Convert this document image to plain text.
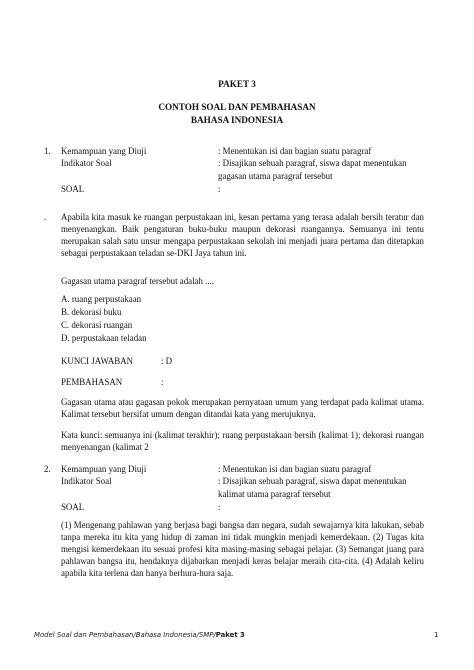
PAKET 3
CONTOH SOAL DAN PEMBAHASAN
BAHASA INDONESIA
1. Kemampuan yang Diuji	: Menentukan isi dan bagian suatu paragraf
Indikator Soal	: Disajikan sebuah paragraf, siswa dapat menentukan
gagasan utama paragraf tersebut
SOAL	:
. Apabila kita masuk ke ruangan perpustakaan ini, kesan pertama yang terasa adalah bersih teratur dan menyenangkan. Baik pengaturan buku-buku maupun dekorasi ruangannya. Semuanya ini tentu merupakan salah satu unsur mengapa perpustakaan sekolah ini menjadi juara pertama dan ditetapkan sebagai perpustakaan teladan se-DKI Jaya tahun ini.

Gagasan utama paragraf tersebut adalah ....
A. ruang perpustakaan
B. dekorasi buku
C. dekorasi ruangan
D. perpustakaan teladan
KUNCI JAWABAN	: D
PEMBAHASAN	:

Gagasan utama atau gagasan pokok merupakan pernyataan umum yang terdapat pada kalimat utama. Kalimat tersebut bersifat umum dengan ditandai kata yang merujuknya.

Kata kunci: semuanya ini (kalimat terakhir); ruang perpustakaan bersih (kalimat 1); dekorasi ruangan menyenangan (kalimat 2

2. Kemampuan yang Diuji	: Menentukan isi dan bagian suatu paragraf
Indikator Soal	: Disajikan sebuah paragraf, siswa dapat menentukan
kalimat utama paragraf tersebut
SOAL	:

(1) Mengenang pahlawan yang berjasa bagi bangsa dan negara, sudah sewajarnya kita lakukan, sebab tanpa mereka itu kita yang hidup di zaman ini tidak mungkin menjadi kemerdekaan. (2) Tugas kita mengisi kemerdekaan itu sesuai profesi kita masing-masing sebagai pelajar. (3) Semangat juang para pahlawan bangsa itu, hendaknya dijabarkan menjadi keras belajar meraih cita-cita. (4) Adalah keliru apabila kita terlena dan hanya berhura-hura saja.

Model Soal dan Pembahasan/Bahasa Indonesia/SMP/Paket 3	1
